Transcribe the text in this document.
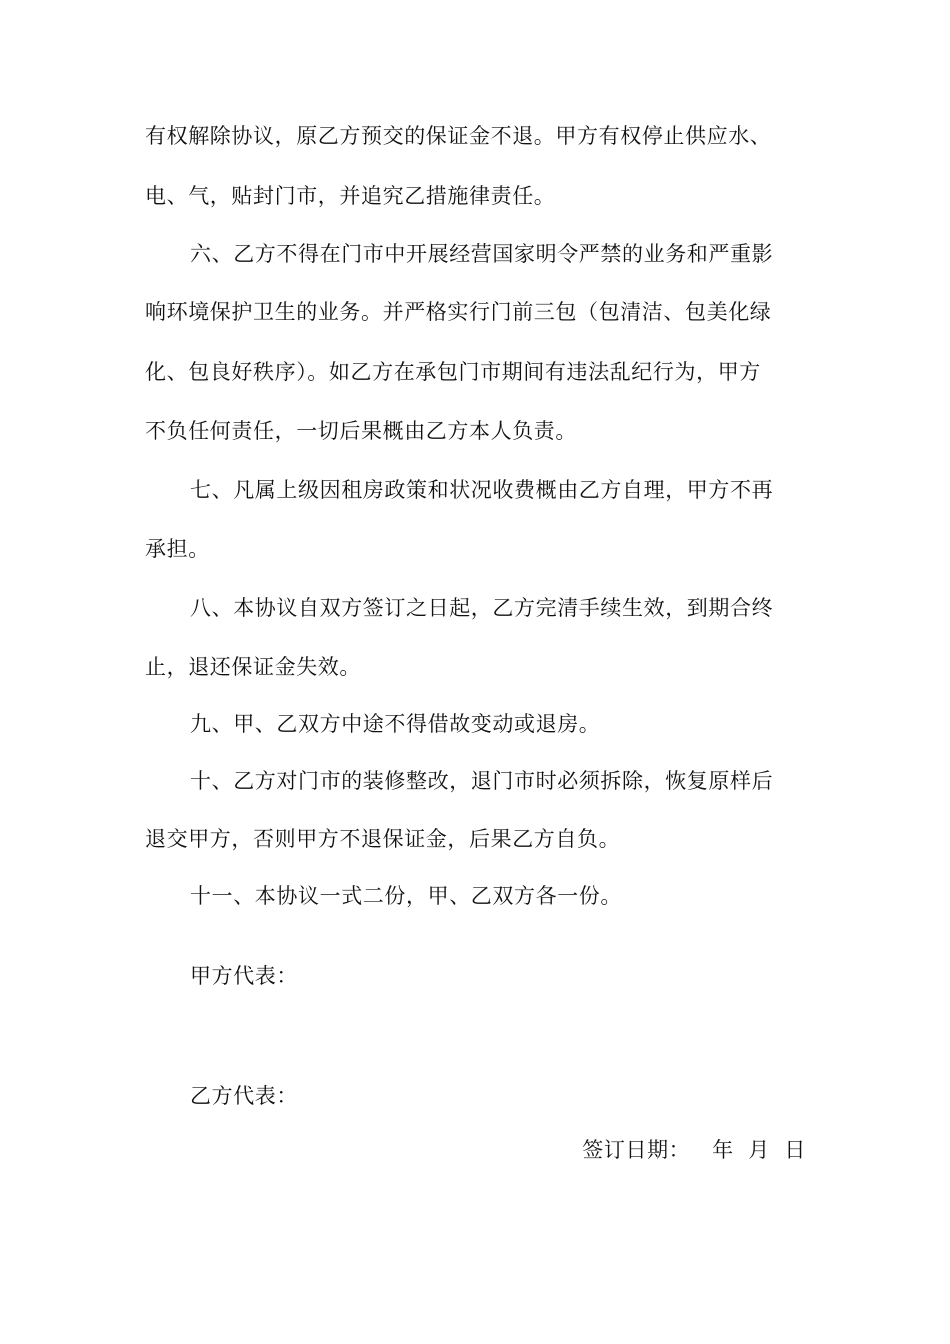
有权解除协议，原乙方预交的保证金不退。甲方有权停止供应水、
电、气，贴封门市，并追究乙措施律责任。
六、乙方不得在门市中开展经营国家明令严禁的业务和严重影
响环境保护卫生的业务。并严格实行门前三包（包清洁、包美化绿
化、包良好秩序）。如乙方在承包门市期间有违法乱纪行为，甲方
不负任何责任，一切后果概由乙方本人负责。
七、凡属上级因租房政策和状况收费概由乙方自理，甲方不再
承担。
八、本协议自双方签订之日起，乙方完清手续生效，到期合终
止，退还保证金失效。
九、甲、乙双方中途不得借故变动或退房。
十、乙方对门市的装修整改，退门市时必须拆除，恢复原样后
退交甲方，否则甲方不退保证金，后果乙方自负。
十一、本协议一式二份，甲、乙双方各一份。
甲方代表：
乙方代表：
签订日期：   年  月  日
